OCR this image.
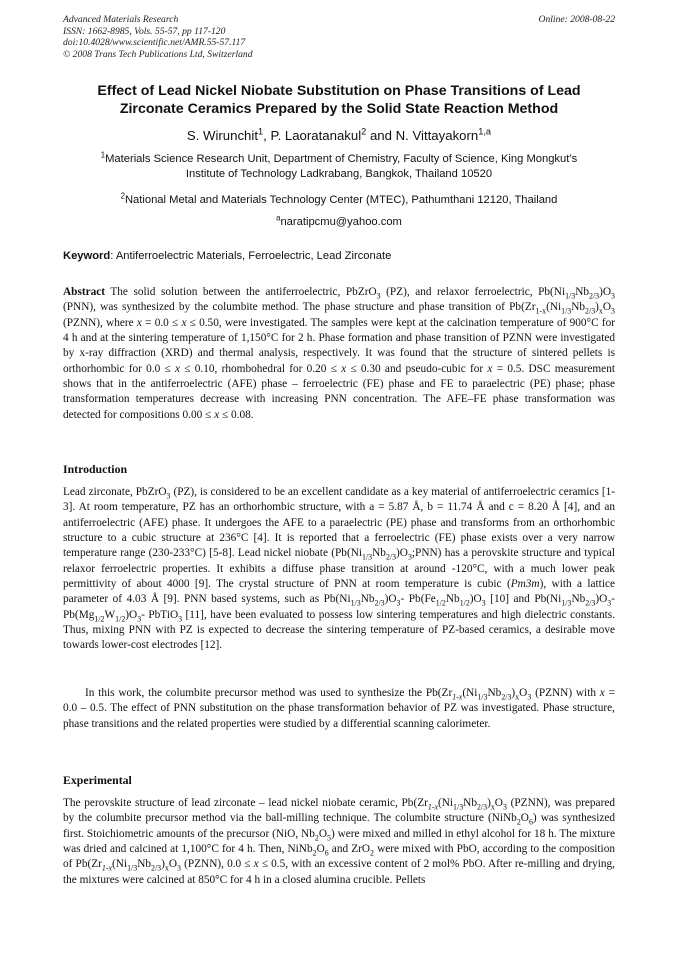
Advanced Materials Research
ISSN: 1662-8985, Vols. 55-57, pp 117-120
doi:10.4028/www.scientific.net/AMR.55-57.117
© 2008 Trans Tech Publications Ltd, Switzerland
Online: 2008-08-22
Effect of Lead Nickel Niobate Substitution on Phase Transitions of Lead
Zirconate Ceramics Prepared by the Solid State Reaction Method
S. Wirunchit$^1$, P. Laoratanakul$^2$ and N. Vittayakorn$^{1,a}$
$^1$Materials Science Research Unit, Department of Chemistry, Faculty of Science, King Mongkut’s
Institute of Technology Ladkrabang, Bangkok, Thailand 10520
$^2$National Metal and Materials Technology Center (MTEC), Pathumthani 12120, Thailand
$^a$naratipcmu@yahoo.com
Keyword: Antiferroelectric Materials, Ferroelectric, Lead Zirconate
Abstract The solid solution between the antiferroelectric, PbZrO$_3$ (PZ), and relaxor ferroelectric, $Pb(Ni_{1/3}Nb_{2/3})O_3$ (PNN), was synthesized by the columbite method. The phase structure and phase transition of $Pb(Zr_{1-x}(Ni_{1/3}Nb_{2/3})_xO_3$ (PZNN), where x = 0.0 ≤ x ≤ 0.50, were investigated. The samples were kept at the calcination temperature of 900°C for 4 h and at the sintering temperature of 1,150°C for 2 h. Phase formation and phase transition of PZNN were investigated by x-ray diffraction (XRD) and thermal analysis, respectively. It was found that the structure of sintered pellets is orthorhombic for 0.0 ≤ x ≤ 0.10, rhombohedral for 0.20 ≤ x ≤ 0.30 and pseudo-cubic for x = 0.5. DSC measurement shows that in the antiferroelectric (AFE) phase – ferroelectric (FE) phase and FE to paraelectric (PE) phase; phase transformation temperatures decrease with increasing PNN concentration. The AFE–FE phase transformation was detected for compositions 0.00 ≤ x ≤ 0.08.
Introduction
Lead zirconate, PbZrO$_3$ (PZ), is considered to be an excellent candidate as a key material of antiferroelectric ceramics [1-3]. At room temperature, PZ has an orthorhombic structure, with a = 5.87 Å, b = 11.74 Å and c = 8.20 Å [4], and an antiferroelectric (AFE) phase. It undergoes the AFE to a paraelectric (PE) phase and transforms from an orthorhombic structure to a cubic structure at 236°C [4]. It is reported that a ferroelectric (FE) phase exists over a very narrow temperature range (230-233°C) [5-8]. Lead nickel niobate $(Pb(Ni_{1/3}Nb_{2/3})O_3;PNN)$ has a perovskite structure and typical relaxor ferroelectric properties. It exhibits a diffuse phase transition at around -120°C, with a much lower peak permittivity of about 4000 [9]. The crystal structure of PNN at room temperature is cubic (Pm3m), with a lattice parameter of 4.03 Å [9]. PNN based systems, such as $Pb(Ni_{1/3}Nb_{2/3})O_3-$ $Pb(Fe_{1/2}Nb_{1/2})O_3$ [10] and $Pb(Ni_{1/3}Nb_{2/3})O_3-$ $Pb(Mg_{1/2}W_{1/2})O_3-$ PbTiO$_3$ [11], have been evaluated to possess low sintering temperatures and high dielectric constants. Thus, mixing PNN with PZ is expected to decrease the sintering temperature of PZ-based ceramics, a desirable move towards lower-cost electrodes [12].
In this work, the columbite precursor method was used to synthesize the $Pb(Zr_{1-x}(Ni_{1/3}Nb_{2/3})_xO_3$ (PZNN) with x = 0.0 – 0.5. The effect of PNN substitution on the phase transformation behavior of PZ was investigated. Phase structure, phase transitions and the related properties were studied by a differential scanning calorimeter.
Experimental
The perovskite structure of lead zirconate – lead nickel niobate ceramic, $Pb(Zr_{1-x}(Ni_{1/3}Nb_{2/3})_xO_3$ (PZNN), was prepared by the columbite precursor method via the ball-milling technique. The columbite structure $(NiNb_2O_6)$ was synthesized first. Stoichiometric amounts of the precursor (NiO, $Nb_2O_5$) were mixed and milled in ethyl alcohol for 18 h. The mixture was dried and calcined at 1,100°C for 4 h. Then, $NiNb_2O_6$ and ZrO$_2$ were mixed with PbO, according to the composition of $Pb(Zr_{1-x}(Ni_{1/3}Nb_{2/3})_xO_3$ (PZNN), 0.0 ≤ x ≤ 0.5, with an excessive content of 2 mol% PbO. After re-milling and drying, the mixtures were calcined at 850°C for 4 h in a closed alumina crucible. Pellets
